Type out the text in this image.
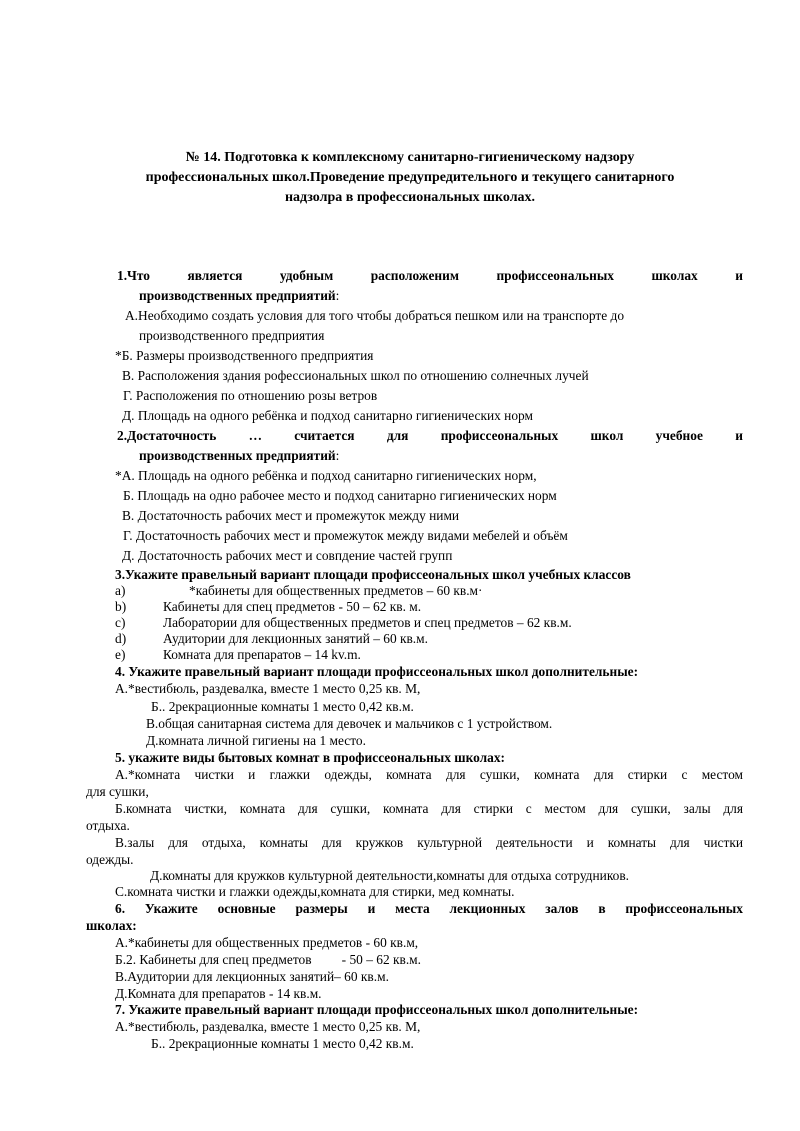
№ 14. Подготовка к комплексному санитарно-гигиеническому надзору
профессиональных школ.Проведение предупредительного и текущего санитарного
надзолра в профессиональных школах.
1.Что	является	удобным	расположеним	профиссеональных	школах	и
производственных предприятий:
А.Необходимо создать условия для того чтобы добраться пешком или на транспорте до
производственного предприятия
*Б. Размеры производственного предприятия
В. Расположения здания рофессиональных школ по отношению солнечных лучей
Г. Расположения по отношению розы ветров
Д. Площадь на одного ребёнка и подход санитарно гигиенических норм
2.Достаточность … считается для профиссеональных школ учебное и
производственных предприятий:
*А. Площадь на одного ребёнка и подход санитарно гигиенических норм,
Б. Площадь на одно рабочее место и подход санитарно гигиенических норм
В. Достаточность рабочих мест и промежуток между ними
Г. Достаточность рабочих мест и промежуток между видами мебелей и объём
Д. Достаточность рабочих мест и совпдение частей групп
3.Укажите правельный вариант площади профиссеональных школ учебных классов
a)	*кабинеты для общественных предметов – 60 кв.м·
b)	Кабинеты для спец предметов - 50 – 62 кв. м.
c)	Лаборатории для общественных предметов и спец предметов – 62 кв.м.
d)	Аудитории для лекционных занятий – 60 кв.м.
e)	Комната для препаратов – 14 kv.m.
4. Укажите правельный вариант площади профиссеональных школ дополнительные:
А.*вестибюль, раздевалка, вместе 1 место 0,25 кв. М,
Б.. 2рекрационные комнаты 1 место 0,42 кв.м.
В.общая санитарная система для девочек и мальчиков с 1 устройством.
Д.комната личной гигиены на 1 место.
5. укажите виды бытовых комнат в профиссеональных школах:
А.*комната чистки и глажки одежды, комната для сушки, комната для стирки с местом
для сушки,
Б.комната чистки, комната для сушки, комната для стирки с местом для сушки, залы для
отдыха.
В.залы для отдыха, комнаты для кружков культурной деятельности и комнаты для чистки
одежды.
Д.комнаты для кружков культурной деятельности,комнаты для отдыха сотрудников.
С.комната чистки и глажки одежды,комната для стирки, мед комнаты.
6. Укажите основные размеры и места лекционных залов в профиссеональных
школах:
А.*кабинеты для общественных предметов - 60 кв.м,
Б.2. Кабинеты для спец предметов         - 50 – 62 кв.м.
В.Аудитории для лекционных занятий– 60 кв.м.
Д.Комната для препаратов - 14 кв.м.
7. Укажите правельный вариант площади профиссеональных школ дополнительные:
А.*вестибюль, раздевалка, вместе 1 место 0,25 кв. М,
Б.. 2рекрационные комнаты 1 место 0,42 кв.м.
